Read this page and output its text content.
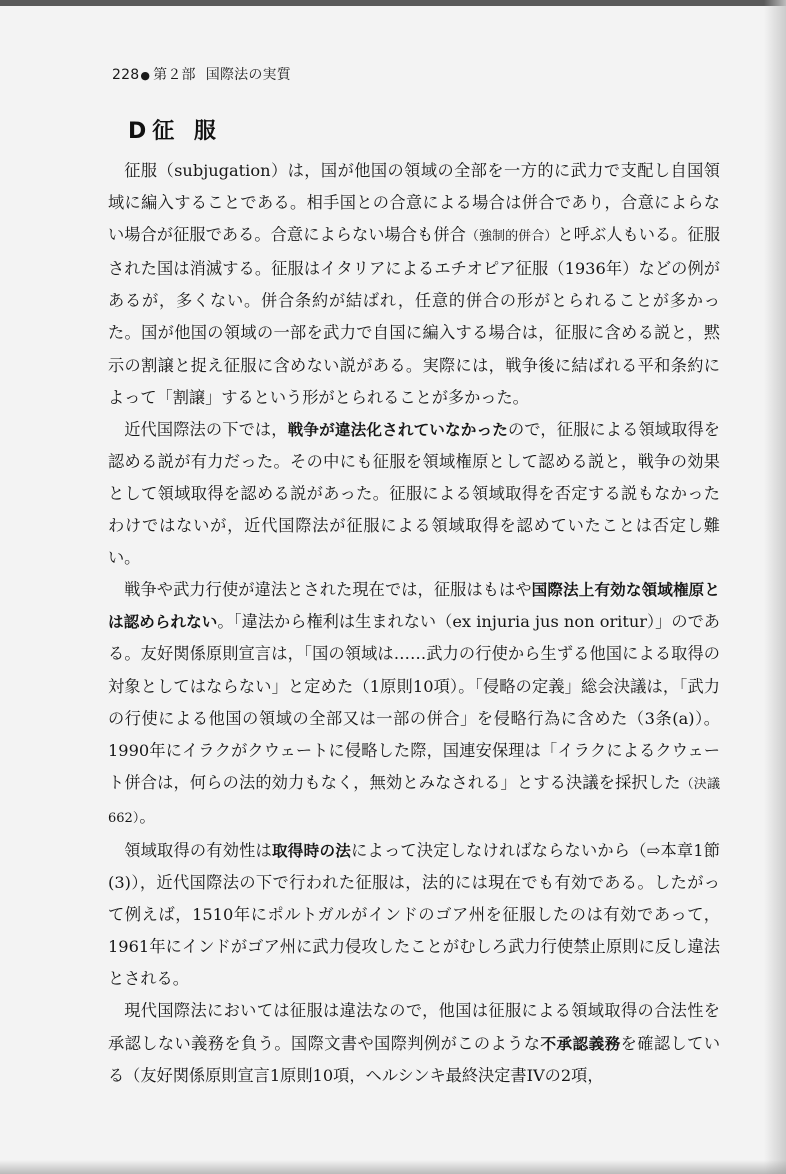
228● 第２部 国際法の実質
D 征 服

征服（subjugation）は，国が他国の領域の全部を一方的に武力で支配し自国領域に編入することである。相手国との合意による場合は併合であり，合意によらない場合が征服である。合意によらない場合も併合（強制的併合）と呼ぶ人もいる。征服された国は消滅する。征服はイタリアによるエチオピア征服（1936年）などの例があるが，多くない。併合条約が結ばれ，任意的併合の形がとられることが多かった。国が他国の領域の一部を武力で自国に編入する場合は，征服に含める説と，黙示の割譲と捉え征服に含めない説がある。実際には，戦争後に結ばれる平和条約によって「割譲」するという形がとられることが多かった。

近代国際法の下では，戦争が違法化されていなかったので，征服による領域取得を認める説が有力だった。その中にも征服を領域権原として認める説と，戦争の効果として領域取得を認める説があった。征服による領域取得を否定する説もなかったわけではないが，近代国際法が征服による領域取得を認めていたことは否定し難い。

戦争や武力行使が違法とされた現在では，征服はもはや国際法上有効な領域権原とは認められない。「違法から権利は生まれない（ex injuria jus non oritur）」のである。友好関係原則宣言は，「国の領域は……武力の行使から生ずる他国による取得の対象としてはならない」と定めた（1原則10項）。「侵略の定義」総会決議は，「武力の行使による他国の領域の全部又は一部の併合」を侵略行為に含めた（3条(a)）。1990年にイラクがクウェートに侵略した際，国連安保理は「イラクによるクウェート併合は，何らの法的効力もなく，無効とみなされる」とする決議を採択した（決議662）。

領域取得の有効性は取得時の法によって決定しなければならないから（⇨本章1節(3)），近代国際法の下で行われた征服は，法的には現在でも有効である。したがって例えば，1510年にポルトガルがインドのゴア州を征服したのは有効であって，1961年にインドがゴア州に武力侵攻したことがむしろ武力行使禁止原則に反し違法とされる。

現代国際法においては征服は違法なので，他国は征服による領域取得の合法性を承認しない義務を負う。国際文書や国際判例がこのような不承認義務を確認している（友好関係原則宣言1原則10項，ヘルシンキ最終決定書IVの2項，
